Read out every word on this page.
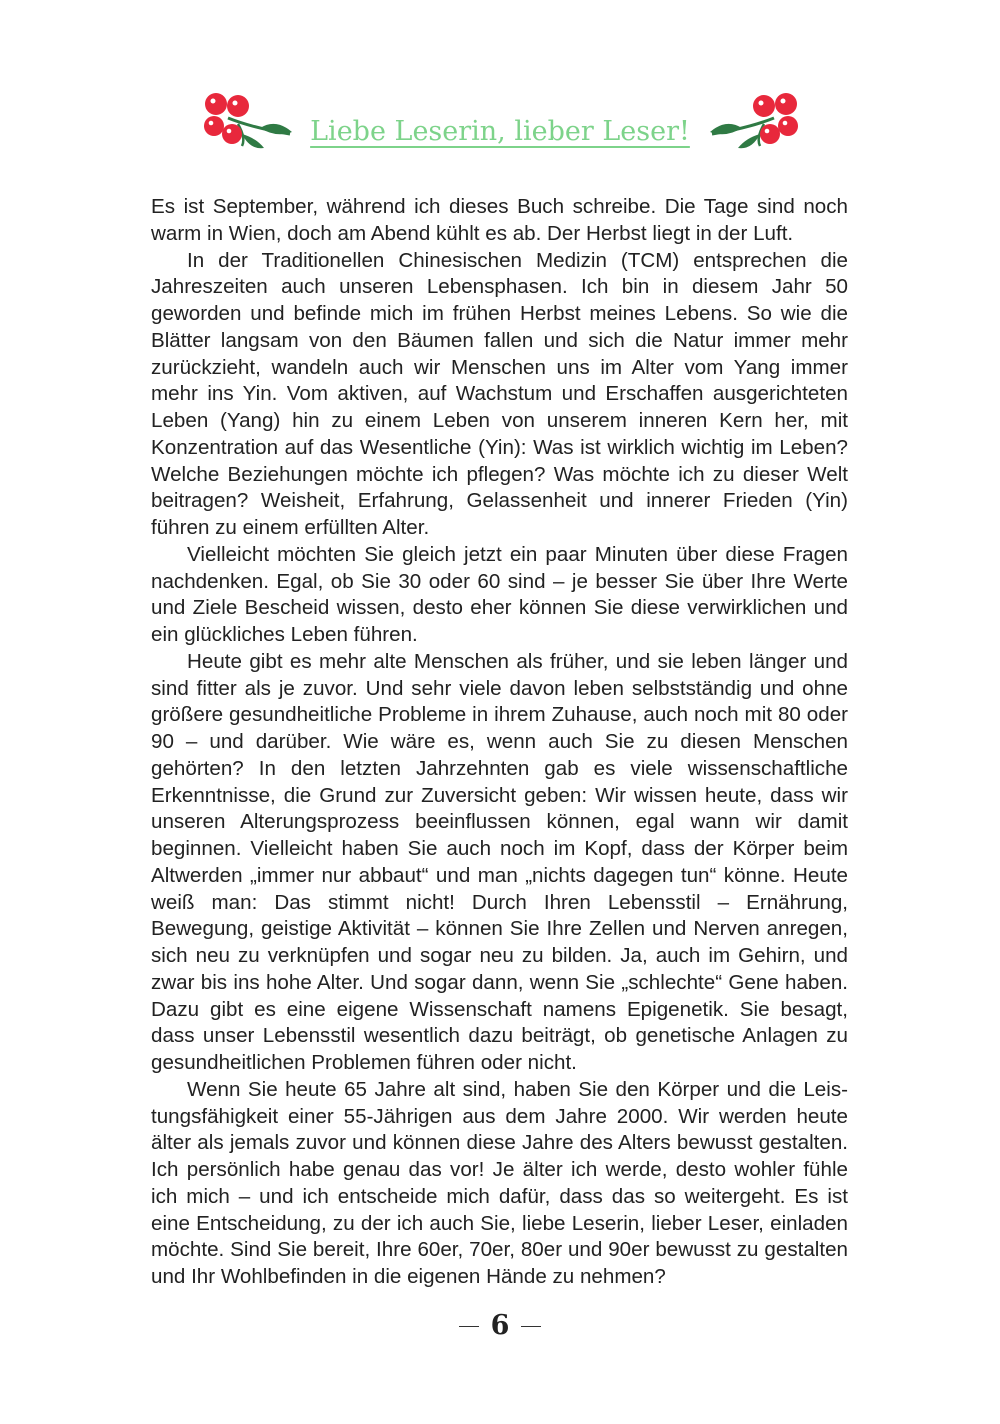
Liebe Leserin, lieber Leser!

Es ist September, während ich dieses Buch schreibe. Die Tage sind noch warm in Wien, doch am Abend kühlt es ab. Der Herbst liegt in der Luft.

In der Traditionellen Chinesischen Medizin (TCM) entsprechen die Jahreszeiten auch unseren Lebensphasen. Ich bin in diesem Jahr 50 geworden und befinde mich im frühen Herbst meines Lebens. So wie die Blätter langsam von den Bäumen fallen und sich die Natur immer mehr zurückzieht, wandeln auch wir Menschen uns im Alter vom Yang immer mehr ins Yin. Vom aktiven, auf Wachstum und Erschaffen ausgerichteten Leben (Yang) hin zu einem Leben von unserem inneren Kern her, mit Konzentration auf das Wesentliche (Yin): Was ist wirklich wichtig im Leben? Welche Beziehungen möchte ich pflegen? Was möchte ich zu dieser Welt beitragen? Weisheit, Erfahrung, Gelassenheit und innerer Frieden (Yin) führen zu einem erfüllten Alter.

Vielleicht möchten Sie gleich jetzt ein paar Minuten über diese Fragen nachdenken. Egal, ob Sie 30 oder 60 sind – je besser Sie über Ihre Werte und Ziele Bescheid wissen, desto eher können Sie diese verwirklichen und ein glückliches Leben führen.

Heute gibt es mehr alte Menschen als früher, und sie leben länger und sind fitter als je zuvor. Und sehr viele davon leben selbstständig und ohne größere gesundheitliche Probleme in ihrem Zuhause, auch noch mit 80 oder 90 – und darüber. Wie wäre es, wenn auch Sie zu diesen Menschen gehörten? In den letzten Jahrzehnten gab es viele wissenschaftliche Erkenntnisse, die Grund zur Zuversicht geben: Wir wissen heute, dass wir unseren Alterungsprozess beeinflussen können, egal wann wir damit beginnen. Vielleicht haben Sie auch noch im Kopf, dass der Körper beim Altwerden „immer nur abbaut“ und man „nichts dagegen tun“ könne. Heute weiß man: Das stimmt nicht! Durch Ihren Lebensstil – Ernährung, Bewegung, geistige Aktivität – können Sie Ihre Zellen und Nerven anregen, sich neu zu verknüpfen und sogar neu zu bilden. Ja, auch im Gehirn, und zwar bis ins hohe Alter. Und sogar dann, wenn Sie „schlechte“ Gene haben. Dazu gibt es eine eigene Wissenschaft namens Epigenetik. Sie besagt, dass unser Lebensstil wesentlich dazu beiträgt, ob genetische Anlagen zu gesundheitlichen Problemen führen oder nicht.

Wenn Sie heute 65 Jahre alt sind, haben Sie den Körper und die Leistungsfähigkeit einer 55-Jährigen aus dem Jahre 2000. Wir werden heute älter als jemals zuvor und können diese Jahre des Alters bewusst gestalten. Ich persönlich habe genau das vor! Je älter ich werde, desto wohler fühle ich mich – und ich entscheide mich dafür, dass das so weitergeht. Es ist eine Entscheidung, zu der ich auch Sie, liebe Leserin, lieber Leser, einladen möchte. Sind Sie bereit, Ihre 60er, 70er, 80er und 90er bewusst zu gestalten und Ihr Wohlbefinden in die eigenen Hände zu nehmen?

6
